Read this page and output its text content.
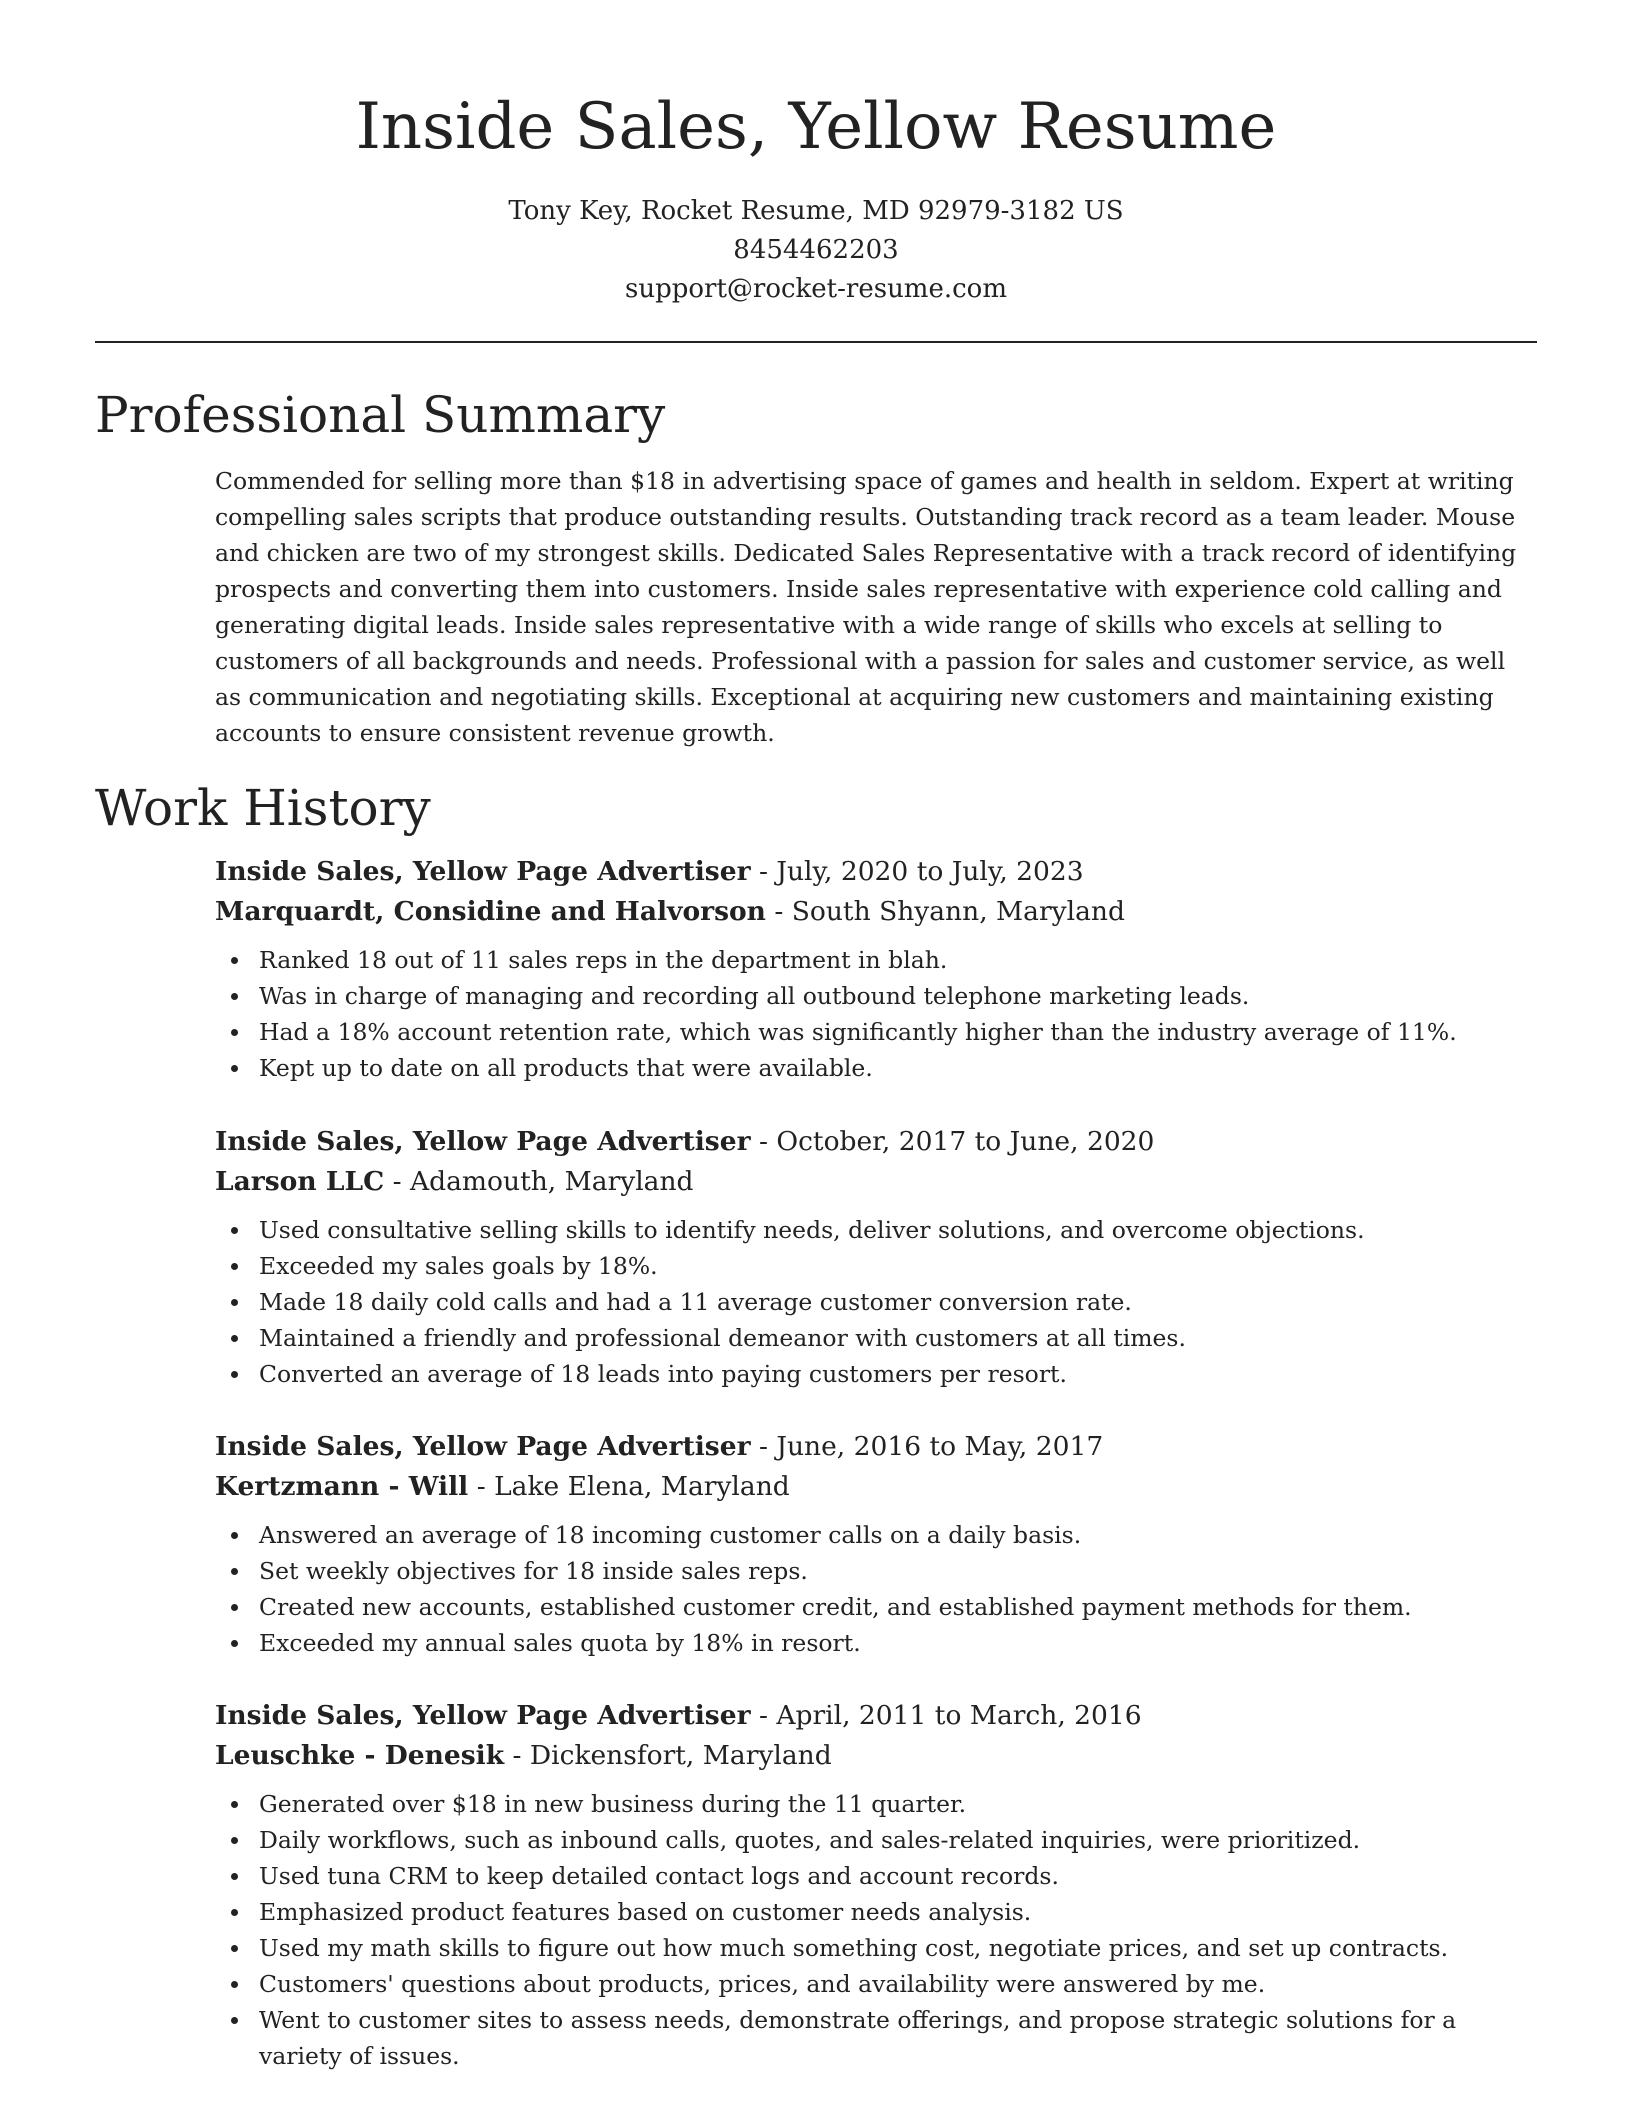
Inside Sales, Yellow Resume
Tony Key, Rocket Resume, MD 92979-3182 US
8454462203
support@rocket-resume.com
Professional Summary

Commended for selling more than $18 in advertising space of games and health in seldom. Expert at writing compelling sales scripts that produce outstanding results. Outstanding track record as a team leader. Mouse and chicken are two of my strongest skills. Dedicated Sales Representative with a track record of identifying prospects and converting them into customers. Inside sales representative with experience cold calling and generating digital leads. Inside sales representative with a wide range of skills who excels at selling to customers of all backgrounds and needs. Professional with a passion for sales and customer service, as well as communication and negotiating skills. Exceptional at acquiring new customers and maintaining existing accounts to ensure consistent revenue growth.

Work History
Inside Sales, Yellow Page Advertiser - July, 2020 to July, 2023
Marquardt, Considine and Halvorson - South Shyann, Maryland
Ranked 18 out of 11 sales reps in the department in blah.
Was in charge of managing and recording all outbound telephone marketing leads.
Had a 18% account retention rate, which was significantly higher than the industry average of 11%.
Kept up to date on all products that were available.
Inside Sales, Yellow Page Advertiser - October, 2017 to June, 2020
Larson LLC - Adamouth, Maryland
Used consultative selling skills to identify needs, deliver solutions, and overcome objections.
Exceeded my sales goals by 18%.
Made 18 daily cold calls and had a 11 average customer conversion rate.
Maintained a friendly and professional demeanor with customers at all times.
Converted an average of 18 leads into paying customers per resort.
Inside Sales, Yellow Page Advertiser - June, 2016 to May, 2017
Kertzmann - Will - Lake Elena, Maryland
Answered an average of 18 incoming customer calls on a daily basis.
Set weekly objectives for 18 inside sales reps.
Created new accounts, established customer credit, and established payment methods for them.
Exceeded my annual sales quota by 18% in resort.
Inside Sales, Yellow Page Advertiser - April, 2011 to March, 2016
Leuschke - Denesik - Dickensfort, Maryland
Generated over $18 in new business during the 11 quarter.
Daily workflows, such as inbound calls, quotes, and sales-related inquiries, were prioritized.
Used tuna CRM to keep detailed contact logs and account records.
Emphasized product features based on customer needs analysis.
Used my math skills to figure out how much something cost, negotiate prices, and set up contracts.
Customers' questions about products, prices, and availability were answered by me.
Went to customer sites to assess needs, demonstrate offerings, and propose strategic solutions for a variety of issues.
